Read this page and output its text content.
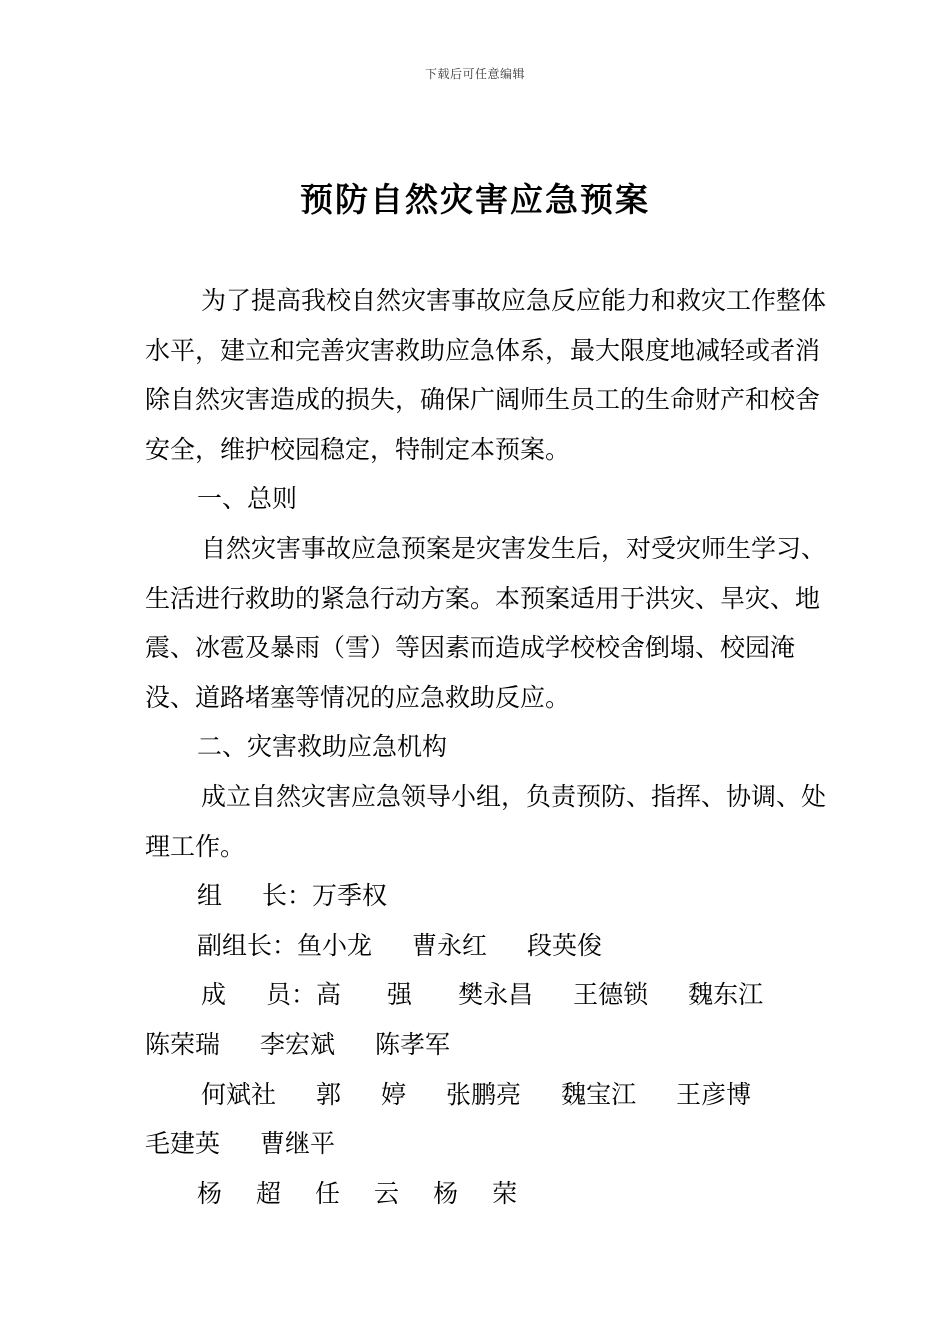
下载后可任意编辑
预防自然灾害应急预案

为了提高我校自然灾害事故应急反应能力和救灾工作整体水平，建立和完善灾害救助应急体系，最大限度地减轻或者消除自然灾害造成的损失，确保广阔师生员工的生命财产和校舍安全，维护校园稳定，特制定本预案。

一、总则

自然灾害事故应急预案是灾害发生后，对受灾师生学习、生活进行救助的紧急行动方案。本预案适用于洪灾、旱灾、地震、冰雹及暴雨（雪）等因素而造成学校校舍倒塌、校园淹没、道路堵塞等情况的应急救助反应。

二、灾害救助应急机构

成立自然灾害应急领导小组，负责预防、指挥、协调、处理工作。

组 长：万季权

副组长：鱼小龙 曹永红 段英俊

成 员：高 强 樊永昌 王德锁 魏东江

陈荣瑞 李宏斌 陈孝军

何斌社 郭 婷 张鹏亮 魏宝江 王彦博

毛建英 曹继平

杨 超 任 云 杨 荣
